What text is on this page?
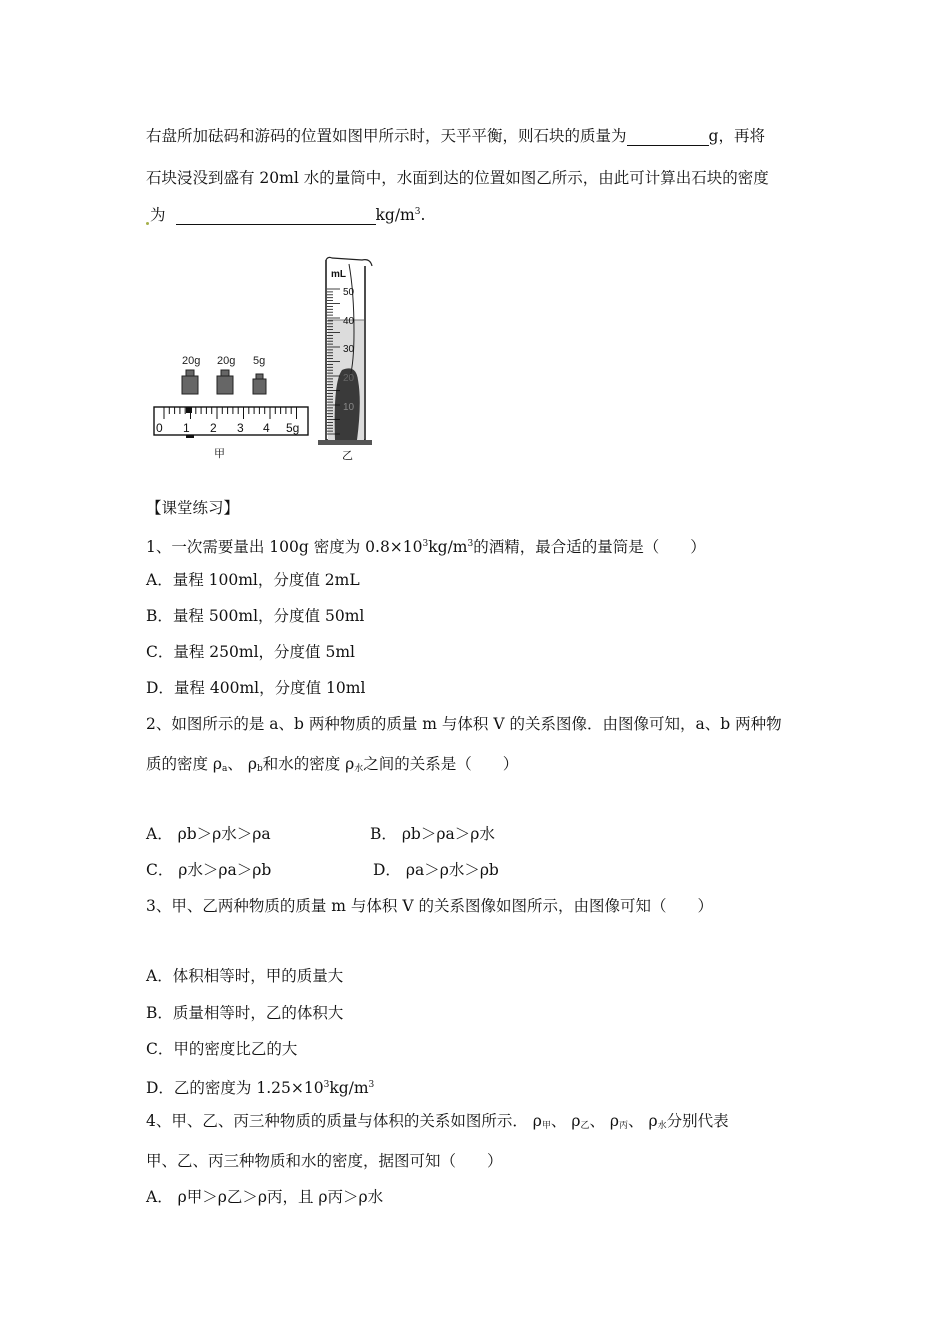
右盘所加砝码和游码的位置如图甲所示时，天平平衡，则石块的质量为	g，再将
石块浸没到盛有 20ml 水的量筒中，水面到达的位置如图乙所示，由此可计算出石块的密度
为	$kg/m^3$.
20g 20g 5g
0 1 2 3 4 5g
甲
mL
50
40
30
20
10
乙
【课堂练习】
1、一次需要量出 100g 密度为 $0.8\times 10^3kg/m^3$的酒精，最合适的量筒是（　　）
A．量程 100ml，分度值 2mL
B．量程 500ml，分度值 50ml
C．量程 250ml，分度值 5ml
D．量程 400ml，分度值 10ml
2、如图所示的是 a、b 两种物质的质量 m 与体积 V 的关系图像．由图像可知，a、b 两种物
质的密度 $\rho_a$、 $\rho_b$和水的密度 $\rho_水$之间的关系是（　　）
A． ρb＞ρ水＞ρa	B． ρb＞ρa＞ρ水
C． ρ水＞ρa＞ρb	D． ρa＞ρ水＞ρb
3、甲、乙两种物质的质量 m 与体积 V 的关系图像如图所示，由图像可知（　　）
A．体积相等时，甲的质量大
B．质量相等时，乙的体积大
C．甲的密度比乙的大
D．乙的密度为 $1.25\times 10^3kg/m^3$
4、甲、乙、丙三种物质的质量与体积的关系如图所示． $\rho_甲$、 $\rho_乙$、 $\rho_丙$、 $\rho_水$分别代表
甲、乙、丙三种物质和水的密度，据图可知（　　）
A． ρ甲＞ρ乙＞ρ丙，且 ρ丙＞ρ水
